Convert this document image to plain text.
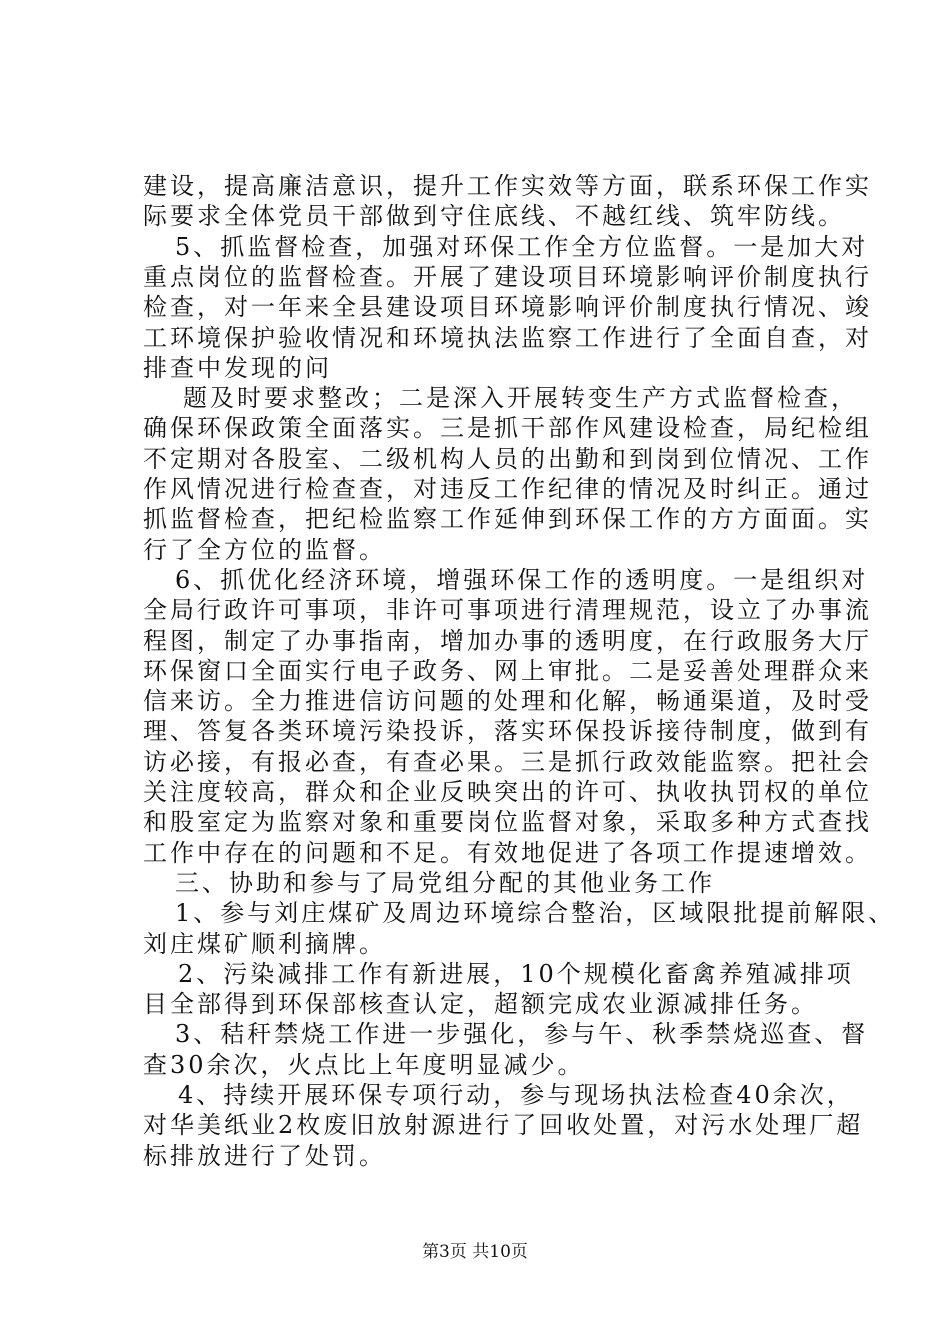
建设，提高廉洁意识，提升工作实效等方面，联系环保工作实
际要求全体党员干部做到守住底线、不越红线、筑牢防线。
5、抓监督检查，加强对环保工作全方位监督。一是加大对
重点岗位的监督检查。开展了建设项目环境影响评价制度执行
检查，对一年来全县建设项目环境影响评价制度执行情况、竣
工环境保护验收情况和环境执法监察工作进行了全面自查，对
排查中发现的问
题及时要求整改；二是深入开展转变生产方式监督检查，
确保环保政策全面落实。三是抓干部作风建设检查，局纪检组
不定期对各股室、二级机构人员的出勤和到岗到位情况、工作
作风情况进行检查查，对违反工作纪律的情况及时纠正。通过
抓监督检查，把纪检监察工作延伸到环保工作的方方面面。实
行了全方位的监督。
6、抓优化经济环境，增强环保工作的透明度。一是组织对
全局行政许可事项，非许可事项进行清理规范，设立了办事流
程图，制定了办事指南，增加办事的透明度，在行政服务大厅
环保窗口全面实行电子政务、网上审批。二是妥善处理群众来
信来访。全力推进信访问题的处理和化解，畅通渠道，及时受
理、答复各类环境污染投诉，落实环保投诉接待制度，做到有
访必接，有报必查，有查必果。三是抓行政效能监察。把社会
关注度较高，群众和企业反映突出的许可、执收执罚权的单位
和股室定为监察对象和重要岗位监督对象，采取多种方式查找
工作中存在的问题和不足。有效地促进了各项工作提速增效。
三、协助和参与了局党组分配的其他业务工作
1、参与刘庄煤矿及周边环境综合整治，区域限批提前解限、
刘庄煤矿顺利摘牌。
2、污染减排工作有新进展，10个规模化畜禽养殖减排项
目全部得到环保部核查认定，超额完成农业源减排任务。
3、秸秆禁烧工作进一步强化，参与午、秋季禁烧巡查、督
查30余次，火点比上年度明显减少。
4、持续开展环保专项行动，参与现场执法检查40余次，
对华美纸业2枚废旧放射源进行了回收处置，对污水处理厂超
标排放进行了处罚。
第3页 共10页
